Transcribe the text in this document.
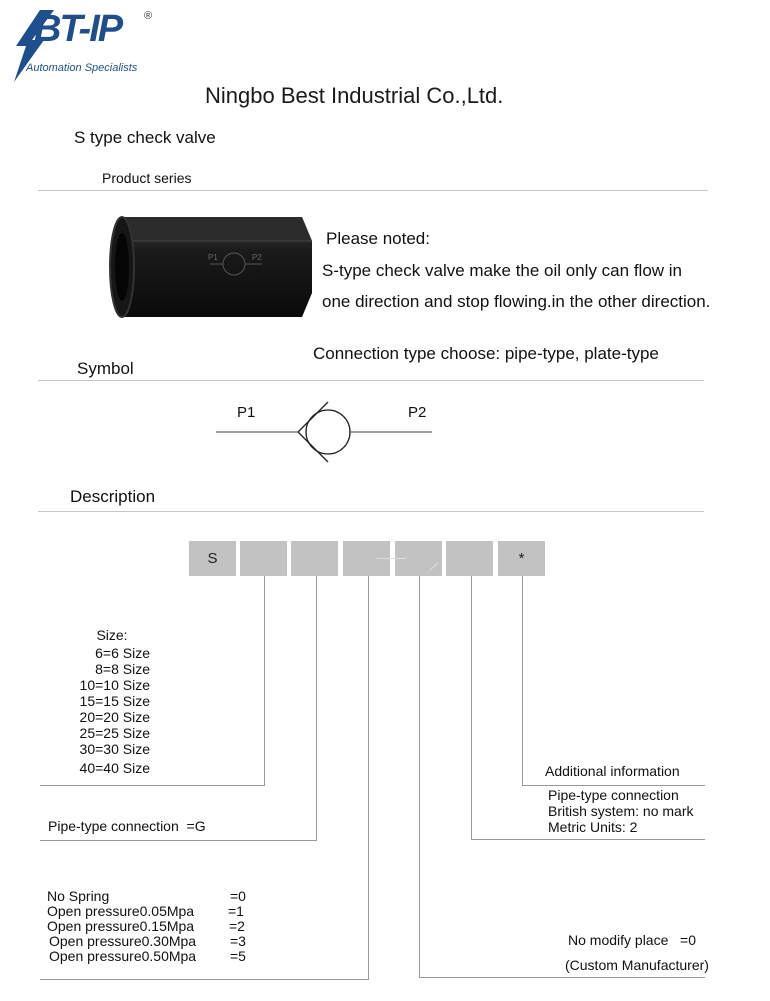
BT-IP ®
Automation Specialists
Ningbo Best Industrial Co.,Ltd.
S type check valve
Product series
P1	P2
Please noted:
S-type check valve make the oil only can flow in
one direction and stop flowing.in the other direction.
Connection type choose: pipe-type, plate-type
Symbol
P1	P2
Description
S	*
Size:
6=6 Size
8=8 Size
10=10 Size
15=15 Size
20=20 Size
25=25 Size
30=30 Size
40=40 Size
Pipe-type connection  =G
No Spring	=0
Open pressure0.05Mpa =1
Open pressure0.15Mpa =2
Open pressure0.30Mpa =3
Open pressure0.50Mpa =5
Additional information
Pipe-type connection
British system: no mark
Metric Units: 2
No modify place   =0
(Custom Manufacturer)
